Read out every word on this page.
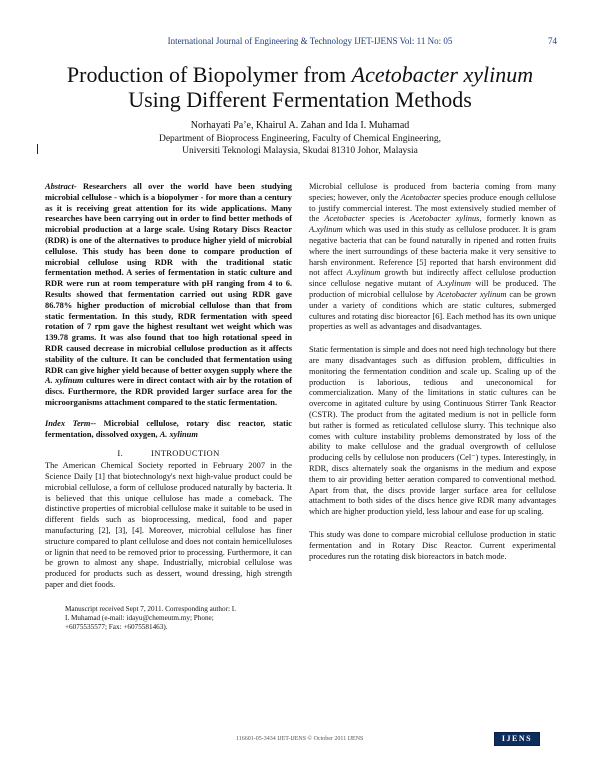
International Journal of Engineering & Technology IJET-IJENS Vol: 11 No: 05	74
Production of Biopolymer from Acetobacter xylinum
Using Different Fermentation Methods
Norhayati Pa’e, Khairul A. Zahan and Ida I. Muhamad
Department of Bioprocess Engineering, Faculty of Chemical Engineering,
Universiti Teknologi Malaysia, Skudai 81310 Johor, Malaysia

Abstract- Researchers all over the world have been studying microbial cellulose - which is a biopolymer - for more than a century as it is receiving great attention for its wide applications. Many researches have been carrying out in order to find better methods of microbial production at a large scale. Using Rotary Discs Reactor (RDR) is one of the alternatives to produce higher yield of microbial cellulose. This study has been done to compare production of microbial cellulose using RDR with the traditional static fermentation method. A series of fermentation in static culture and RDR were run at room temperature with pH ranging from 4 to 6. Results showed that fermentation carried out using RDR gave 86.78% higher production of microbial cellulose than that from static fermentation. In this study, RDR fermentation with speed rotation of 7 rpm gave the highest resultant wet weight which was 139.78 grams. It was also found that too high rotational speed in RDR caused decrease in microbial cellulose production as it affects stability of the culture. It can be concluded that fermentation using RDR can give higher yield because of better oxygen supply where the A. xylinum cultures were in direct contact with air by the rotation of discs. Furthermore, the RDR provided larger surface area for the microorganisms attachment compared to the static fermentation.

Index Term-- Microbial cellulose, rotary disc reactor, static fermentation, dissolved oxygen, A. xylinum

I.	INTRODUCTION

The American Chemical Society reported in February 2007 in the Science Daily [1] that biotechnology's next high-value product could be microbial cellulose, a form of cellulose produced naturally by bacteria. It is believed that this unique cellulose has made a comeback. The distinctive properties of microbial cellulose make it suitable to be used in different fields such as bioprocessing, medical, food and paper manufacturing [2], [3], [4]. Moreover, microbial cellulose has finer structure compared to plant cellulose and does not contain hemicelluloses or lignin that need to be removed prior to processing. Furthermore, it can be grown to almost any shape. Industrially, microbial cellulose was produced for products such as dessert, wound dressing, high strength paper and diet foods.

Manuscript received Sept 7, 2011. Corresponding author: I.
I. Muhamad (e-mail: idayu@chemeutm.my; Phone;
+6075535577; Fax: +6075581463).

Microbial cellulose is produced from bacteria coming from many species; however, only the Acetobacter species produce enough cellulose to justify commercial interest. The most extensively studied member of the Acetobacter species is Acetobacter xylinus, formerly known as A.xylinum which was used in this study as cellulose producer. It is gram negative bacteria that can be found naturally in ripened and rotten fruits where the inert surroundings of these bacteria make it very sensitive to harsh environment. Reference [5] reported that harsh environment did not affect A.xylinum growth but indirectly affect cellulose production since cellulose negative mutant of A.xylinum will be produced. The production of microbial cellulose by Acetobacter xylinum can be grown under a variety of conditions which are static cultures, submerged cultures and rotating disc bioreactor [6]. Each method has its own unique properties as well as advantages and disadvantages.

Static fermentation is simple and does not need high technology but there are many disadvantages such as diffusion problem, difficulties in monitoring the fermentation condition and scale up. Scaling up of the production is laborious, tedious and uneconomical for commercialization. Many of the limitations in static cultures can be overcome in agitated culture by using Continuous Stirrer Tank Reactor (CSTR). The product from the agitated medium is not in pellicle form but rather is formed as reticulated cellulose slurry. This technique also comes with culture instability problems demonstrated by loss of the ability to make cellulose and the gradual overgrowth of cellulose producing cells by cellulose non producers (Cel⁻) types. Interestingly, in RDR, discs alternately soak the organisms in the medium and expose them to air providing better aeration compared to conventional method. Apart from that, the discs provide larger surface area for cellulose attachment to both sides of the discs hence give RDR many advantages which are higher production yield, less labour and ease for up scaling.

This study was done to compare microbial cellulose production in static fermentation and in Rotary Disc Reactor. Current experimental procedures run the rotating disk bioreactors in batch mode.

116601-05-3434 IJET-IJENS © October 2011 IJENS	IJENS
